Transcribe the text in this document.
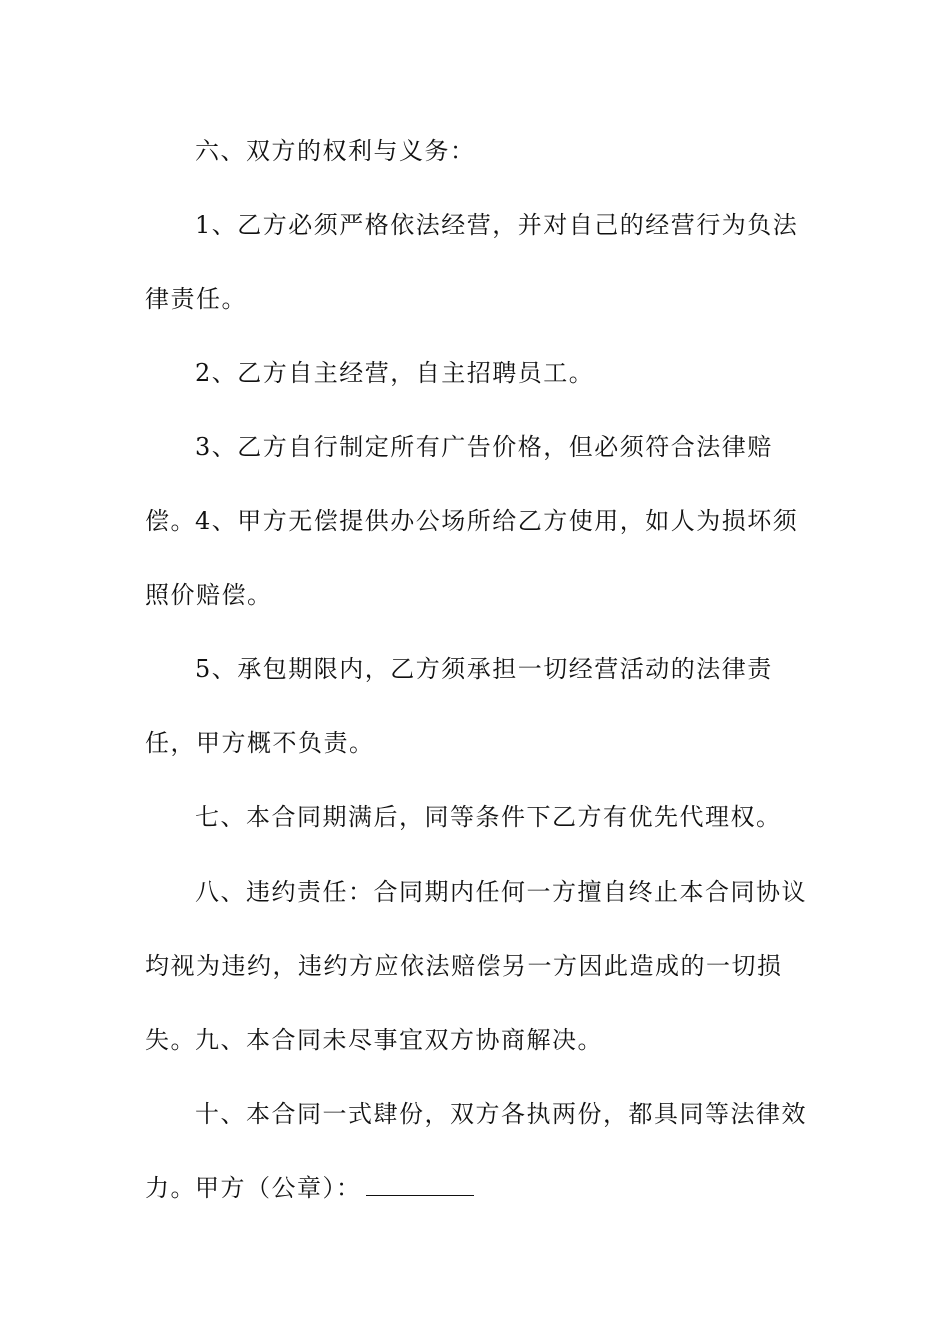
六、双方的权利与义务：

1、乙方必须严格依法经营，并对自己的经营行为负法律责任。

2、乙方自主经营，自主招聘员工。

3、乙方自行制定所有广告价格，但必须符合法律赔偿。 4、甲方无偿提供办公场所给乙方使用，如人为损坏须照价赔偿。

5、承包期限内，乙方须承担一切经营活动的法律责任，甲方概不负责。

七、本合同期满后，同等条件下乙方有优先代理权。

八、违约责任：合同期内任何一方擅自终止本合同协议均视为违约，违约方应依法赔偿另一方因此造成的一切损失。 九、本合同未尽事宜双方协商解决。

十、本合同一式肆份，双方各执两份，都具同等法律效力。 甲方（公章）：
